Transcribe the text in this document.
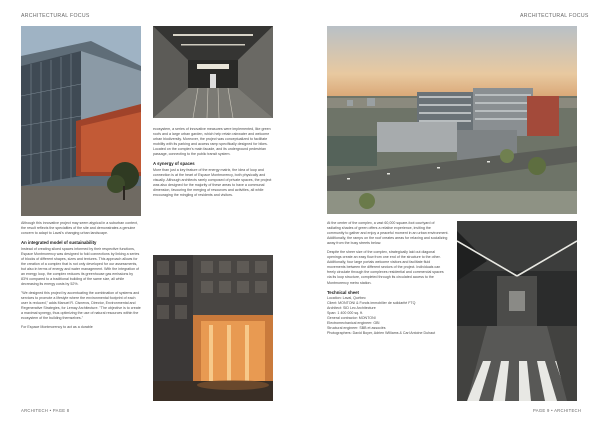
ARCHITECTURAL FOCUS	ARCHITECTURAL FOCUS

Although this innovative project may seem atypical in a suburban context, the result reflects the specialties of the site and demonstrates a genuine concern to adapt to Laval's changing urban landscape.

An integrated model of sustainability

Instead of creating siloed spaces informed by their respective functions, Espace Montmorency was designed to fold connections by linking a series of blocks of different shapes, sizes and textures. This approach allows for the creation of a complex that is not only developed for our assessments, but also in terms of energy and water management. With the integration of an energy loop, the complex reduces its greenhouse gas emissions by 83% compared to a traditional building of the same size, all while decreasing its energy costs by 52%.

"We designed this project by accentuating the combination of systems and services to promote a lifestyle where the environmental footprint of each user is reduced," adds Manuel R. Cisneros, Director, Environmental and Regenerative Strategies, for Lemay Architecture. "The objective is to create a maximal synergy, thus optimizing the use of natural resources within the ecosystem of the building themselves."

For Espace Montmorency to act as a durable

ecosystem, a series of innovative measures were implemented, like green roofs and a large urban garden, which help retain rainwater and welcome urban biodiversity. Moreover, the project was conceptualized to facilitate mobility with its parking and access ramp specifically designed for bikes. Located on the complex's main facade, and its underground pedestrian passage, connecting to the public transit system.

A synergy of spaces

More than just a key feature of the energy matrix, the idea of loop and connection is at the heart of Espace Montmorency, both physically and visually. Although architects rarely composed of private spaces, the project was also designed for the majority of these areas to have a communal dimension, favouring the merging of resources and activities, all while encouraging the mingling of residents and visitors.

At the center of the complex, a vast 60,000 square-foot courtyard of radiating shades of green offers a relative experience, inviting the community to gather and enjoy a peaceful moment in an urban environment. Additionally, the ramps on the roof creates areas for relaxing and socializing away from the busy streets below.

Despite the sheer size of the complex, strategically laid out diagonal openings create an easy flow from one end of the structure to the other. Additionally, four large portals welcome visitors and facilitate fluid movements between the different sectors of the project. Individuals can freely circulate through the complexes residential and commercial spaces via its loop structure, completed through its circulated access to the Montmorency metro station.

Technical sheet

Location: Laval, Québec

Client: MONTONI & Fonds immobilier de solidarité FTQ

Architect: SID Lec Architecture

Span: 1 400 000 sq. ft.

General contractor: MONTONI

Electromechanical engineer: GBI

Structural engineer: SBB et associés

Photographers: David Boyer, Adrien Williams & Carl Antoine Duhaut

ARCHITECH • PAGE 8	PAGE 9 • ARCHITECH
